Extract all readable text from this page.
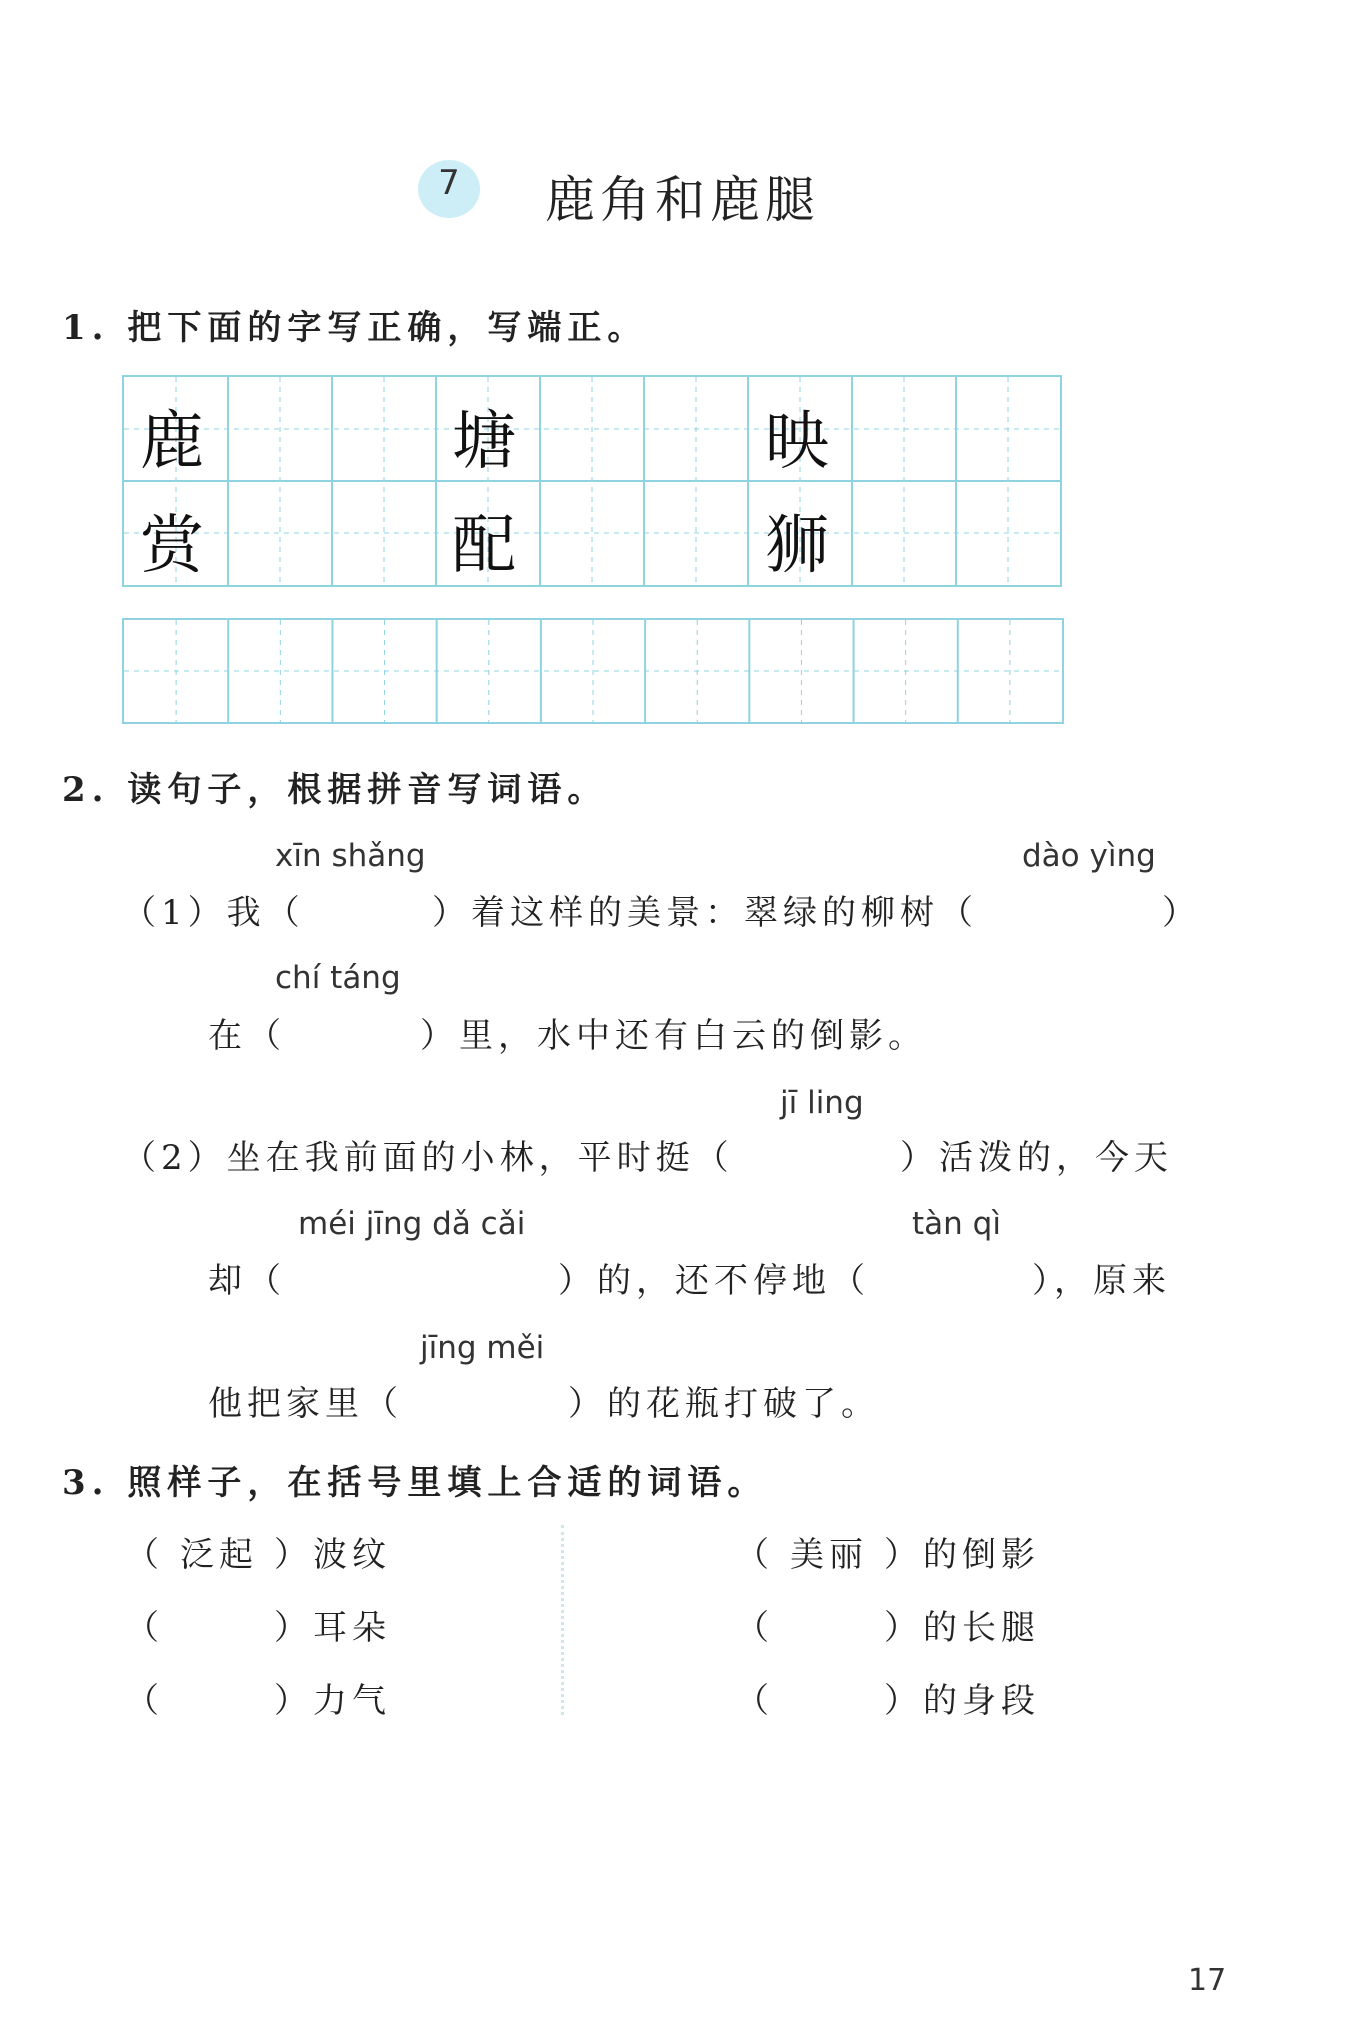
7	鹿角和鹿腿
1. 把下面的字写正确，写端正。
鹿	塘	映
赏	配	狮
2. 读句子，根据拼音写词语。
xīn shǎng	dào yìng
（1）我（	）着这样的美景：翠绿的柳树（	）
chí táng
在（	）里，水中还有白云的倒影。
jī ling
（2）坐在我前面的小林，平时挺（	）活泼的，今天
méi jīng dǎ cǎi	tàn qì
却（	）的，还不停地（	），原来
jīng měi
他把家里（	）的花瓶打破了。
3. 照样子，在括号里填上合适的词语。
（ 泛起 ）波纹
（	）耳朵
（	）力气
（ 美丽 ）的倒影
（	）的长腿
（	）的身段
17
